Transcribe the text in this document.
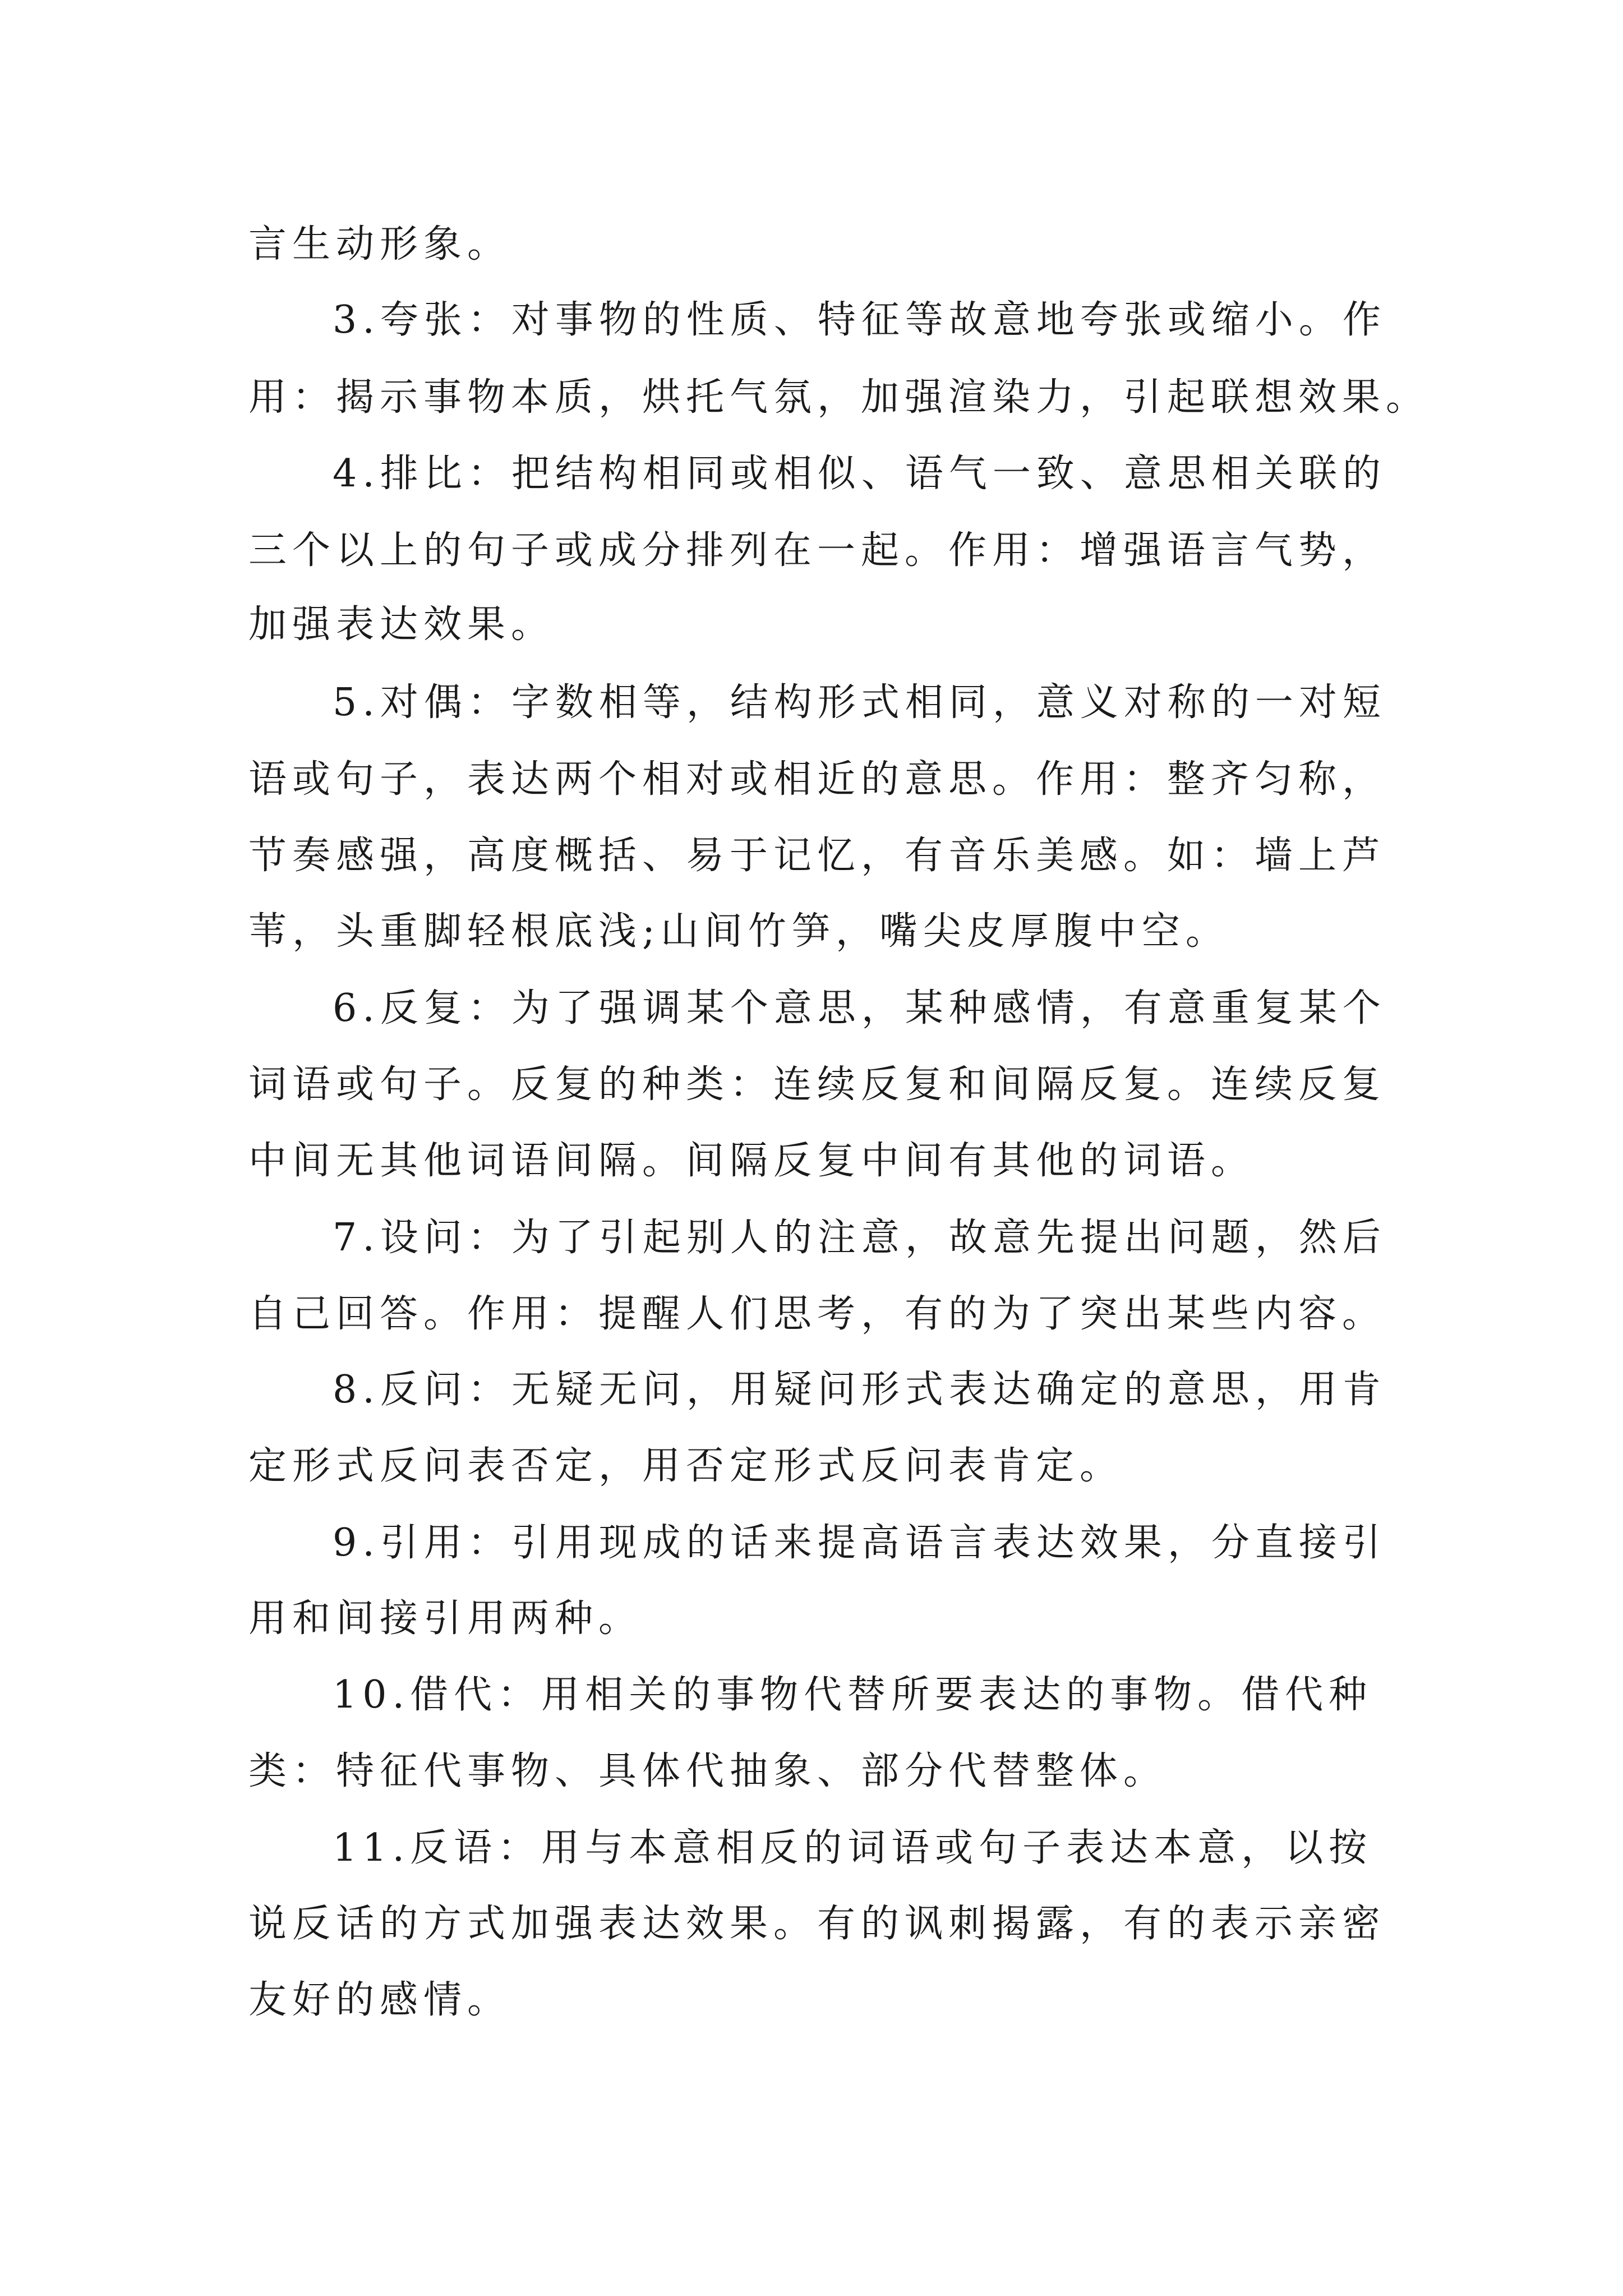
言生动形象。
3.夸张：对事物的性质、特征等故意地夸张或缩小。作
用：揭示事物本质，烘托气氛，加强渲染力，引起联想效果。
4.排比：把结构相同或相似、语气一致、意思相关联的
三个以上的句子或成分排列在一起。作用：增强语言气势，
加强表达效果。
5.对偶：字数相等，结构形式相同，意义对称的一对短
语或句子，表达两个相对或相近的意思。作用：整齐匀称，
节奏感强，高度概括、易于记忆，有音乐美感。如：墙上芦
苇，头重脚轻根底浅;山间竹笋，嘴尖皮厚腹中空。
6.反复：为了强调某个意思，某种感情，有意重复某个
词语或句子。反复的种类：连续反复和间隔反复。连续反复
中间无其他词语间隔。间隔反复中间有其他的词语。
7.设问：为了引起别人的注意，故意先提出问题，然后
自己回答。作用：提醒人们思考，有的为了突出某些内容。
8.反问：无疑无问，用疑问形式表达确定的意思，用肯
定形式反问表否定，用否定形式反问表肯定。
9.引用：引用现成的话来提高语言表达效果，分直接引
用和间接引用两种。
10.借代：用相关的事物代替所要表达的事物。借代种
类：特征代事物、具体代抽象、部分代替整体。
11.反语：用与本意相反的词语或句子表达本意，以按
说反话的方式加强表达效果。有的讽刺揭露，有的表示亲密
友好的感情。
